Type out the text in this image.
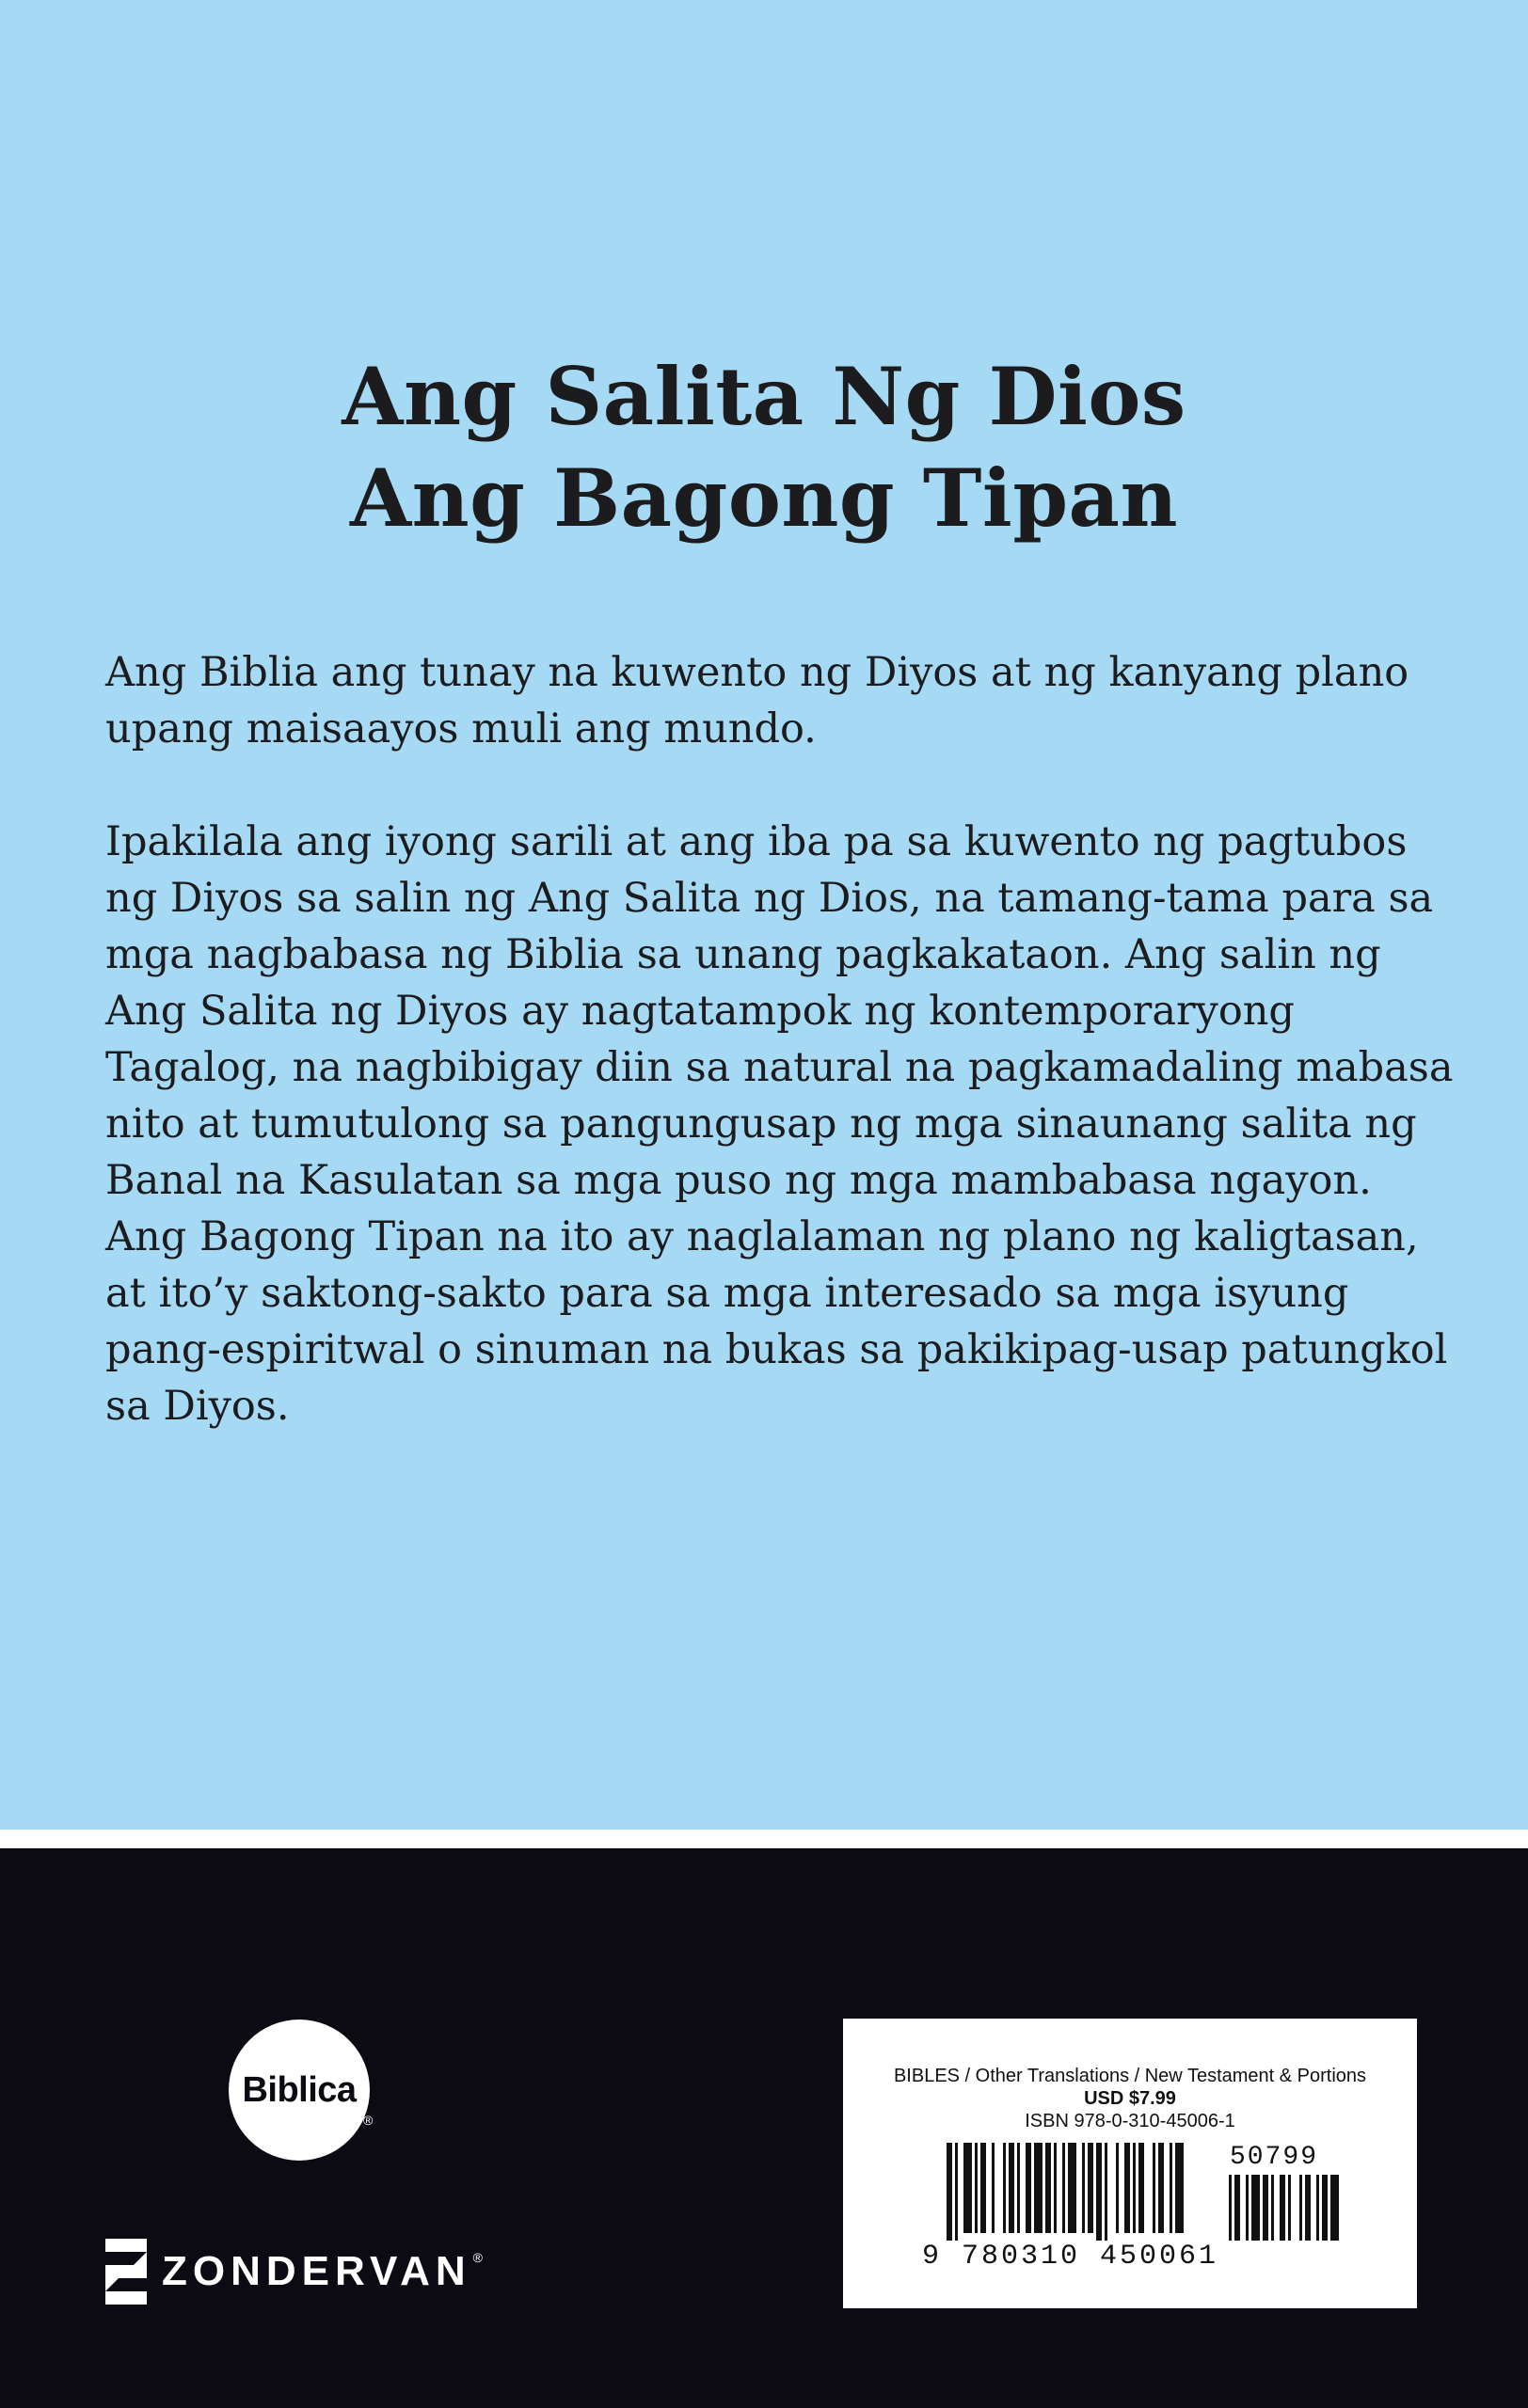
Ang Salita Ng Dios
Ang Bagong Tipan

Ang Biblia ang tunay na kuwento ng Diyos at ng kanyang plano upang maisaayos muli ang mundo.

Ipakilala ang iyong sarili at ang iba pa sa kuwento ng pagtubos ng Diyos sa salin ng Ang Salita ng Dios, na tamang-tama para sa mga nagbabasa ng Biblia sa unang pagkakataon. Ang salin ng Ang Salita ng Diyos ay nagtatampok ng kontemporaryong Tagalog, na nagbibigay diin sa natural na pagkamadaling mabasa nito at tumutulong sa pangungusap ng mga sinaunang salita ng Banal na Kasulatan sa mga puso ng mga mambabasa ngayon. Ang Bagong Tipan na ito ay naglalaman ng plano ng kaligtasan, at ito’y saktong-sakto para sa mga interesado sa mga isyung pang-espiritwal o sinuman na bukas sa pakikipag-usap patungkol sa Diyos.

Biblica
®
ZONDERVAN ®
BIBLES / Other Translations / New Testament & Portions
USD $7.99
ISBN 978-0-310-45006-1
50799
9 780310 450061
